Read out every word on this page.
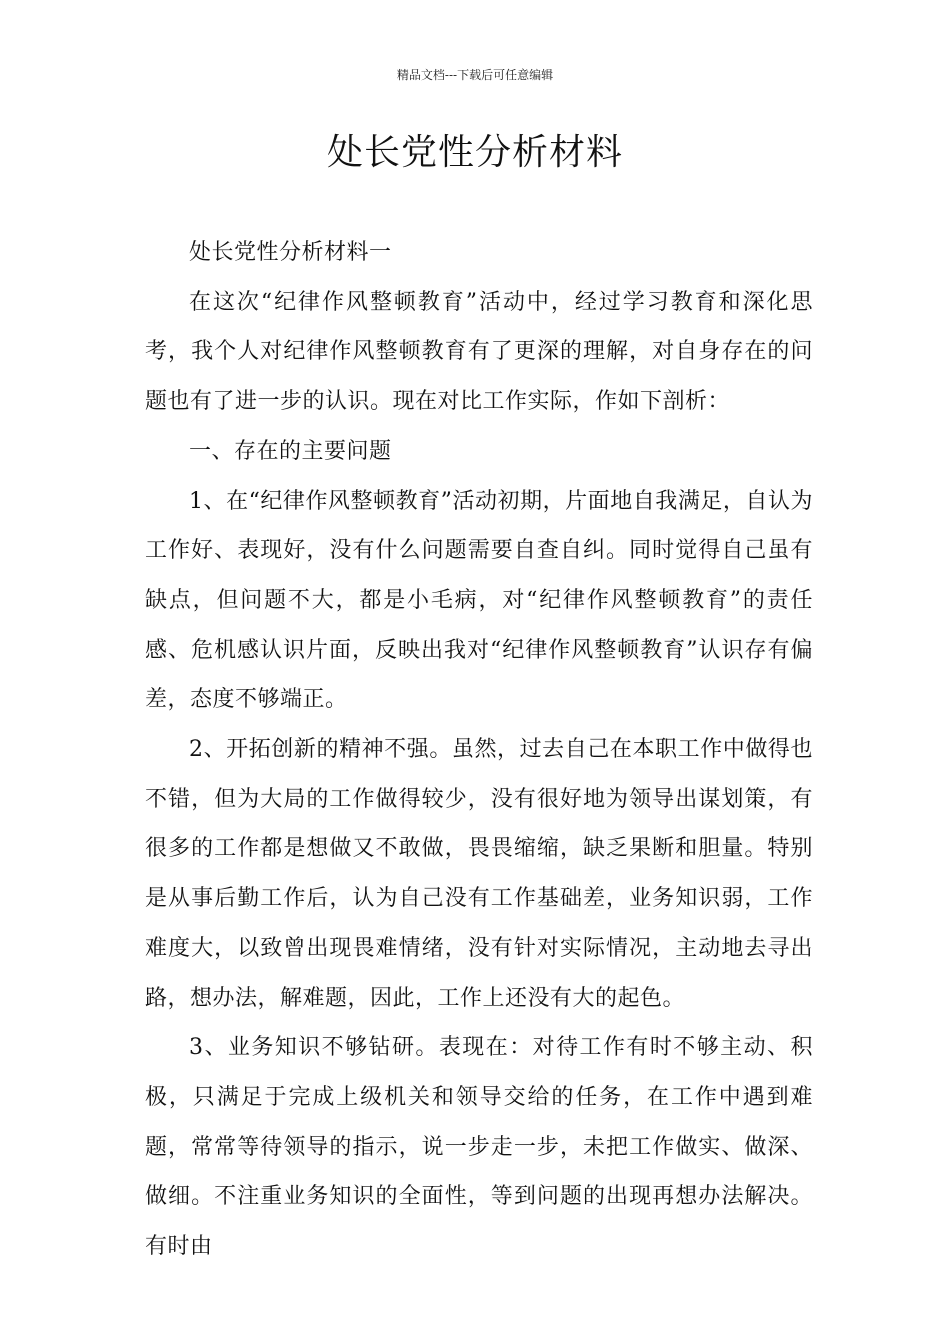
精品文档---下载后可任意编辑
处长党性分析材料

处长党性分析材料一

在这次“纪律作风整顿教育”活动中，经过学习教育和深化思考，我个人对纪律作风整顿教育有了更深的理解，对自身存在的问题也有了进一步的认识。现在对比工作实际，作如下剖析：

一、存在的主要问题

1、在“纪律作风整顿教育”活动初期，片面地自我满足，自认为工作好、表现好，没有什么问题需要自查自纠。同时觉得自己虽有缺点，但问题不大，都是小毛病，对“纪律作风整顿教育”的责任感、危机感认识片面，反映出我对“纪律作风整顿教育”认识存有偏差，态度不够端正。

2、开拓创新的精神不强。虽然，过去自己在本职工作中做得也不错，但为大局的工作做得较少，没有很好地为领导出谋划策，有很多的工作都是想做又不敢做，畏畏缩缩，缺乏果断和胆量。特别是从事后勤工作后，认为自己没有工作基础差，业务知识弱，工作难度大，以致曾出现畏难情绪，没有针对实际情况，主动地去寻出路，想办法，解难题，因此，工作上还没有大的起色。

3、业务知识不够钻研。表现在：对待工作有时不够主动、积极，只满足于完成上级机关和领导交给的任务，在工作中遇到难题，常常等待领导的指示，说一步走一步，未把工作做实、做深、做细。不注重业务知识的全面性，等到问题的出现再想办法解决。有时由
